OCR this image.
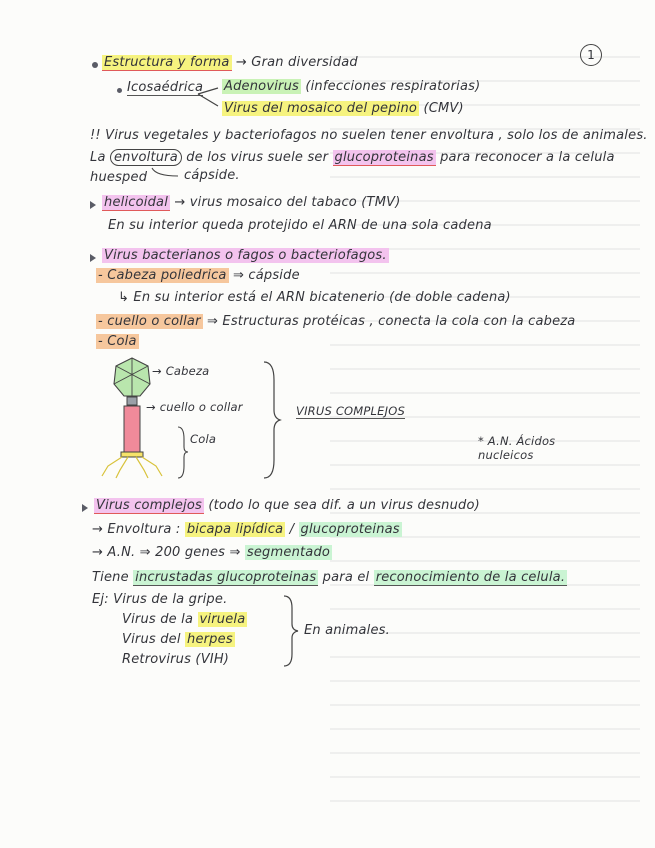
1
Estructura y forma → Gran diversidad
Icosaédrica Adenovirus (infecciones respiratorias)
Virus del mosaico del pepino (CMV)
!! Virus vegetales y bacteriofagos no suelen tener envoltura , solo los de animales.
La envoltura de los virus suele ser glucoproteinas para reconocer a la celula
huesped	cápside.
helicoidal → virus mosaico del tabaco (TMV)
En su interior queda protejido el ARN de una sola cadena
Virus bacterianos o fagos o bacteriofagos.
- Cabeza poliedrica ⇒ cápside
↳ En su interior está el ARN bicatenerio (de doble cadena)
- cuello o collar ⇒ Estructuras protéicas , conecta la cola con la cabeza
- Cola
→ Cabeza
→ cuello o collar
Cola
VIRUS COMPLEJOS
* A.N. Ácidos nucleicos
Virus complejos (todo lo que sea dif. a un virus desnudo)
→ Envoltura : bicapa lipídica / glucoproteinas
→ A.N. ⇒ 200 genes ⇒ segmentado
Tiene incrustadas glucoproteinas para el reconocimiento de la celula.
Ej: Virus de la gripe.
Virus de la viruela
Virus del herpes
Retrovirus (VIH)
En animales.
